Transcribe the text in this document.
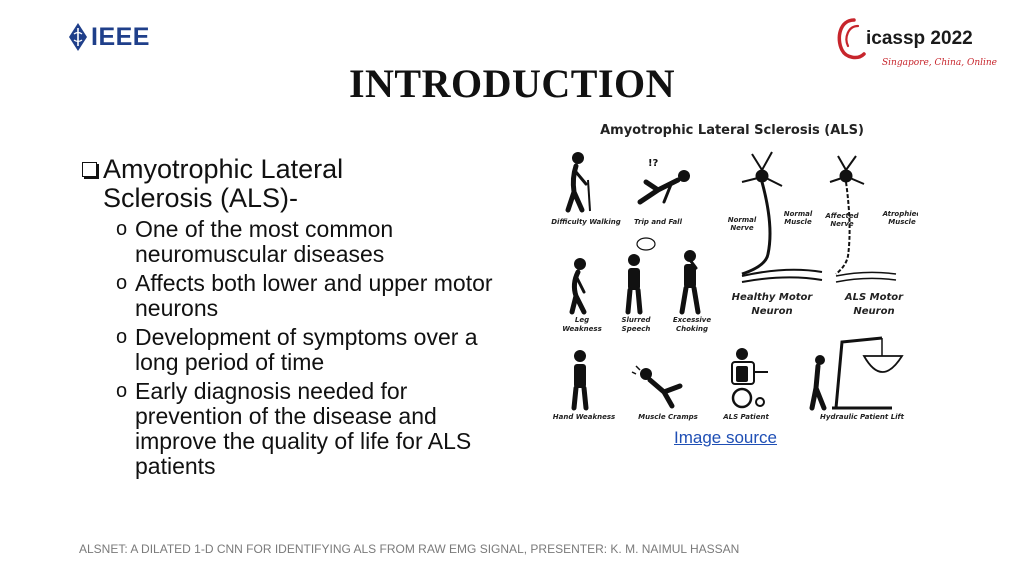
IEEE	icassp 2022
Singapore, China, Online
INTRODUCTION
Amyotrophic Lateral Sclerosis (ALS)-
o One of the most common neuromuscular diseases
o Affects both lower and upper motor neurons
o Development of symptoms over a long period of time
o Early diagnosis needed for prevention of the disease and improve the quality of life for ALS patients
Amyotrophic Lateral Sclerosis (ALS)
Difficulty Walking
!?
Trip and Fall
Leg
Weakness
Slurred
Speech
Excessive
Choking
Hand Weakness	Muscle Cramps	ALS Patient	Hydraulic Patient Lift
Normal
Nerve
Normal
Muscle
Healthy Motor
Neuron
Affected
Nerve
Atrophied
Muscle
ALS Motor
Neuron
Image source
ALSNET: A DILATED 1-D CNN FOR IDENTIFYING ALS FROM RAW EMG SIGNAL, PRESENTER: K. M. NAIMUL HASSAN
